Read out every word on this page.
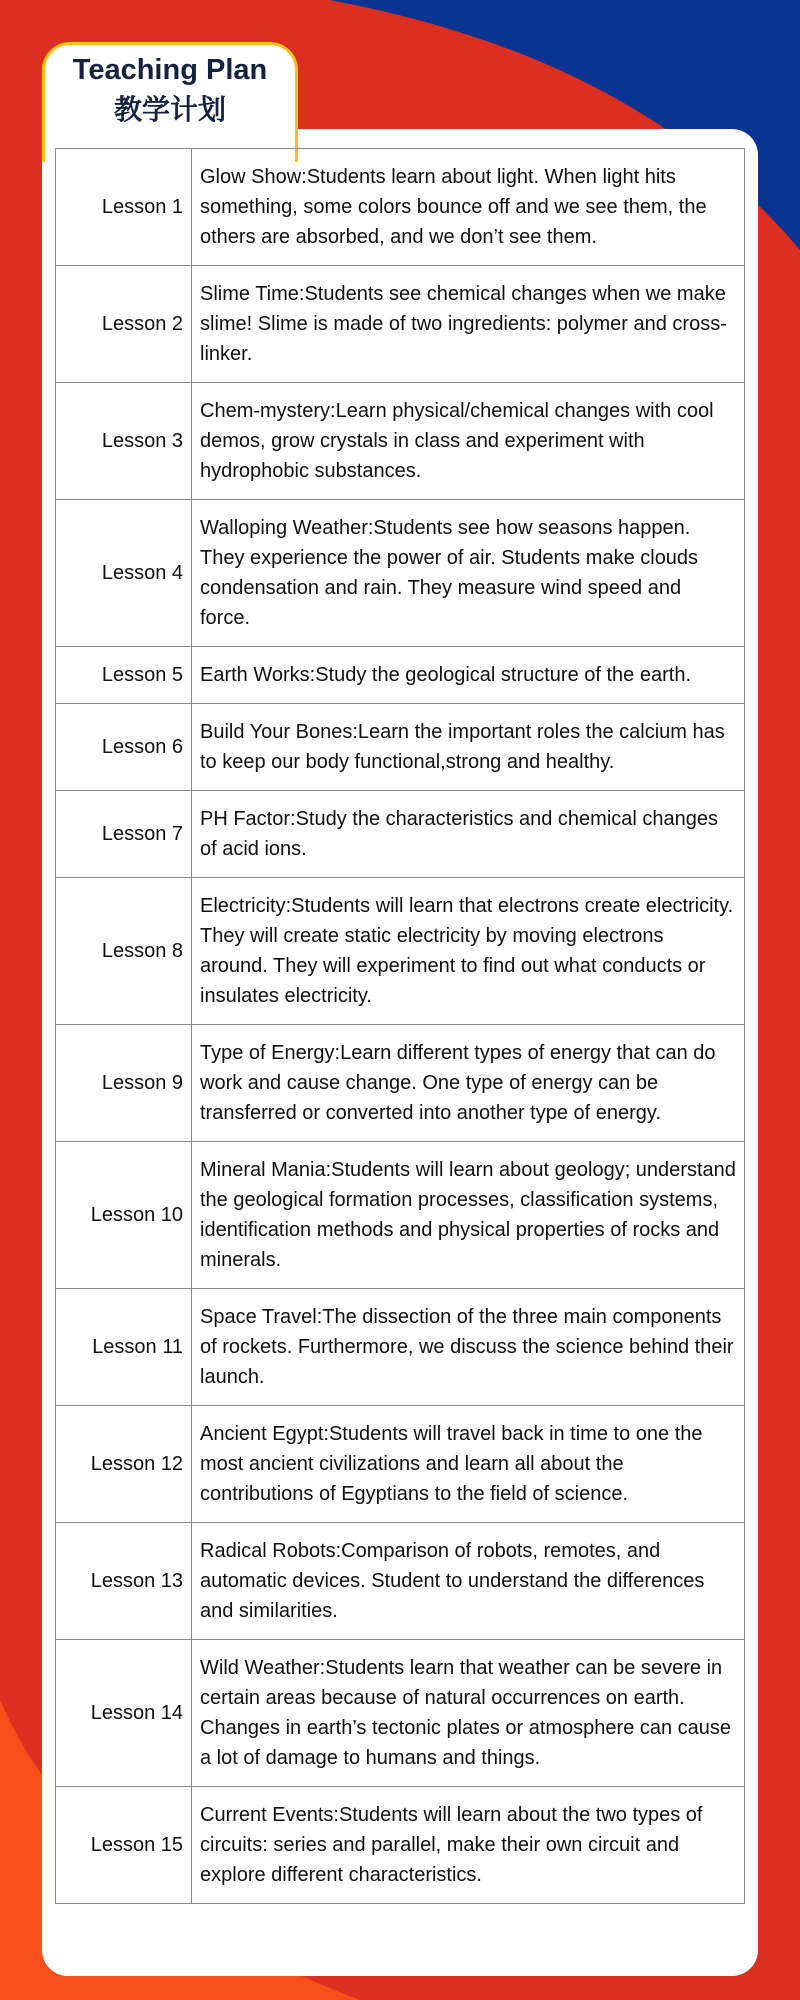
Teaching Plan
教学计划
Lesson 1	Glow Show:Students learn about light. When light hits something, some colors bounce off and we see them, the others are absorbed, and we don’t see them.
Lesson 2	Slime Time:Students see chemical changes when we make slime! Slime is made of two ingredients: polymer and cross-linker.
Lesson 3	Chem-mystery:Learn physical/chemical changes with cool demos, grow crystals in class and experiment with hydrophobic substances.
Lesson 4	Walloping Weather:Students see how seasons happen. They experience the power of air. Students make clouds condensation and rain. They measure wind speed and force.
Lesson 5	Earth Works:Study the geological structure of the earth.
Lesson 6	Build Your Bones:Learn the important roles the calcium has to keep our body functional,strong and healthy.
Lesson 7	PH Factor:Study the characteristics and chemical changes of acid ions.
Lesson 8	Electricity:Students will learn that electrons create electricity. They will create static electricity by moving electrons around. They will experiment to find out what conducts or insulates electricity.
Lesson 9	Type of Energy:Learn different types of energy that can do work and cause change. One type of energy can be transferred or converted into another type of energy.
Lesson 10	Mineral Mania:Students will learn about geology; understand the geological formation processes, classification systems, identification methods and physical properties of rocks and minerals.
Lesson 11	Space Travel:The dissection of the three main components of rockets. Furthermore, we discuss the science behind their launch.
Lesson 12	Ancient Egypt:Students will travel back in time to one the most ancient civilizations and learn all about the contributions of Egyptians to the field of science.
Lesson 13	Radical Robots:Comparison of robots, remotes, and automatic devices. Student to understand the differences and similarities.
Lesson 14	Wild Weather:Students learn that weather can be severe in certain areas because of natural occurrences on earth. Changes in earth’s tectonic plates or atmosphere can cause a lot of damage to humans and things.
Lesson 15	Current Events:Students will learn about the two types of circuits: series and parallel, make their own circuit and explore different characteristics.
